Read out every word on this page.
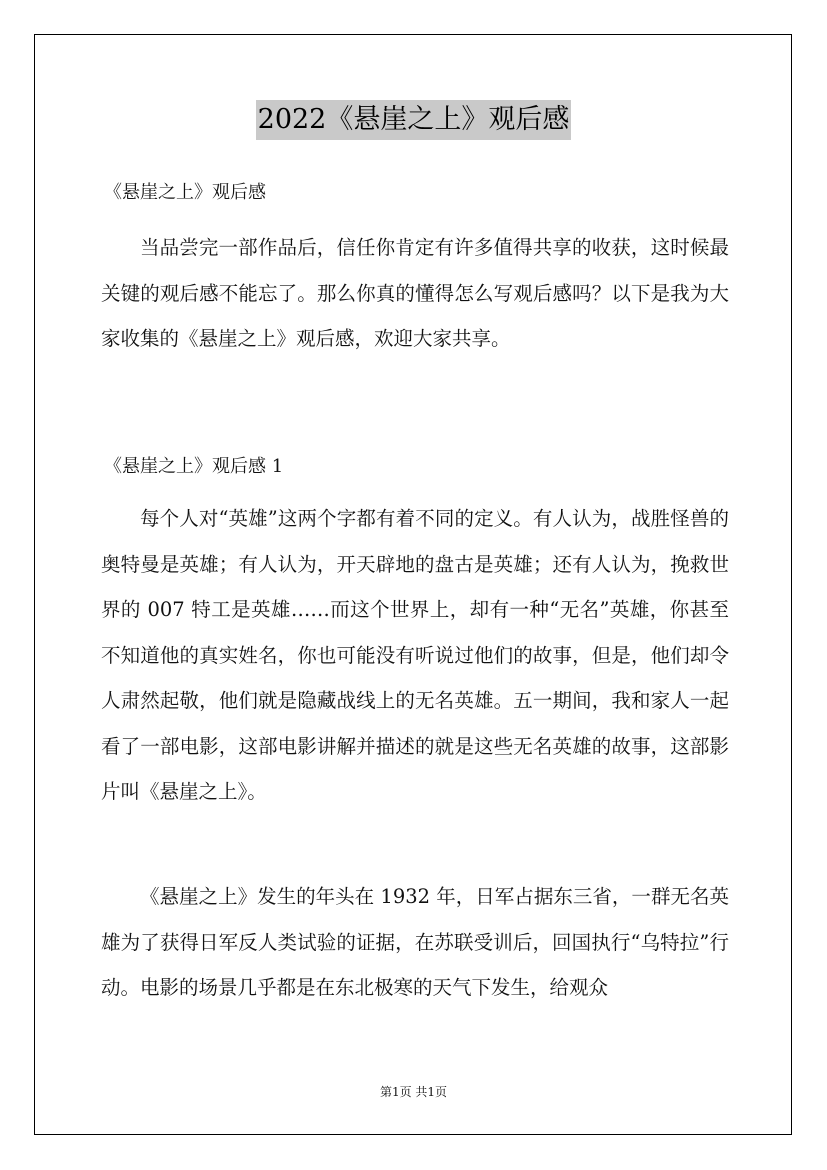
2022《悬崖之上》观后感
《悬崖之上》观后感

当品尝完一部作品后，信任你肯定有许多值得共享的收获，这时候最关键的观后感不能忘了。那么你真的懂得怎么写观后感吗？以下是我为大家收集的《悬崖之上》观后感，欢迎大家共享。

《悬崖之上》观后感 1

每个人对“英雄”这两个字都有着不同的定义。有人认为，战胜怪兽的奥特曼是英雄；有人认为，开天辟地的盘古是英雄；还有人认为，挽救世界的 007 特工是英雄……而这个世界上，却有一种“无名”英雄，你甚至不知道他的真实姓名，你也可能没有听说过他们的故事，但是，他们却令人肃然起敬，他们就是隐藏战线上的无名英雄。五一期间，我和家人一起看了一部电影，这部电影讲解并描述的就是这些无名英雄的故事，这部影片叫《悬崖之上》。

《悬崖之上》发生的年头在 1932 年，日军占据东三省，一群无名英雄为了获得日军反人类试验的证据，在苏联受训后，回国执行“乌特拉”行动。电影的场景几乎都是在东北极寒的天气下发生，给观众

第1页 共1页
